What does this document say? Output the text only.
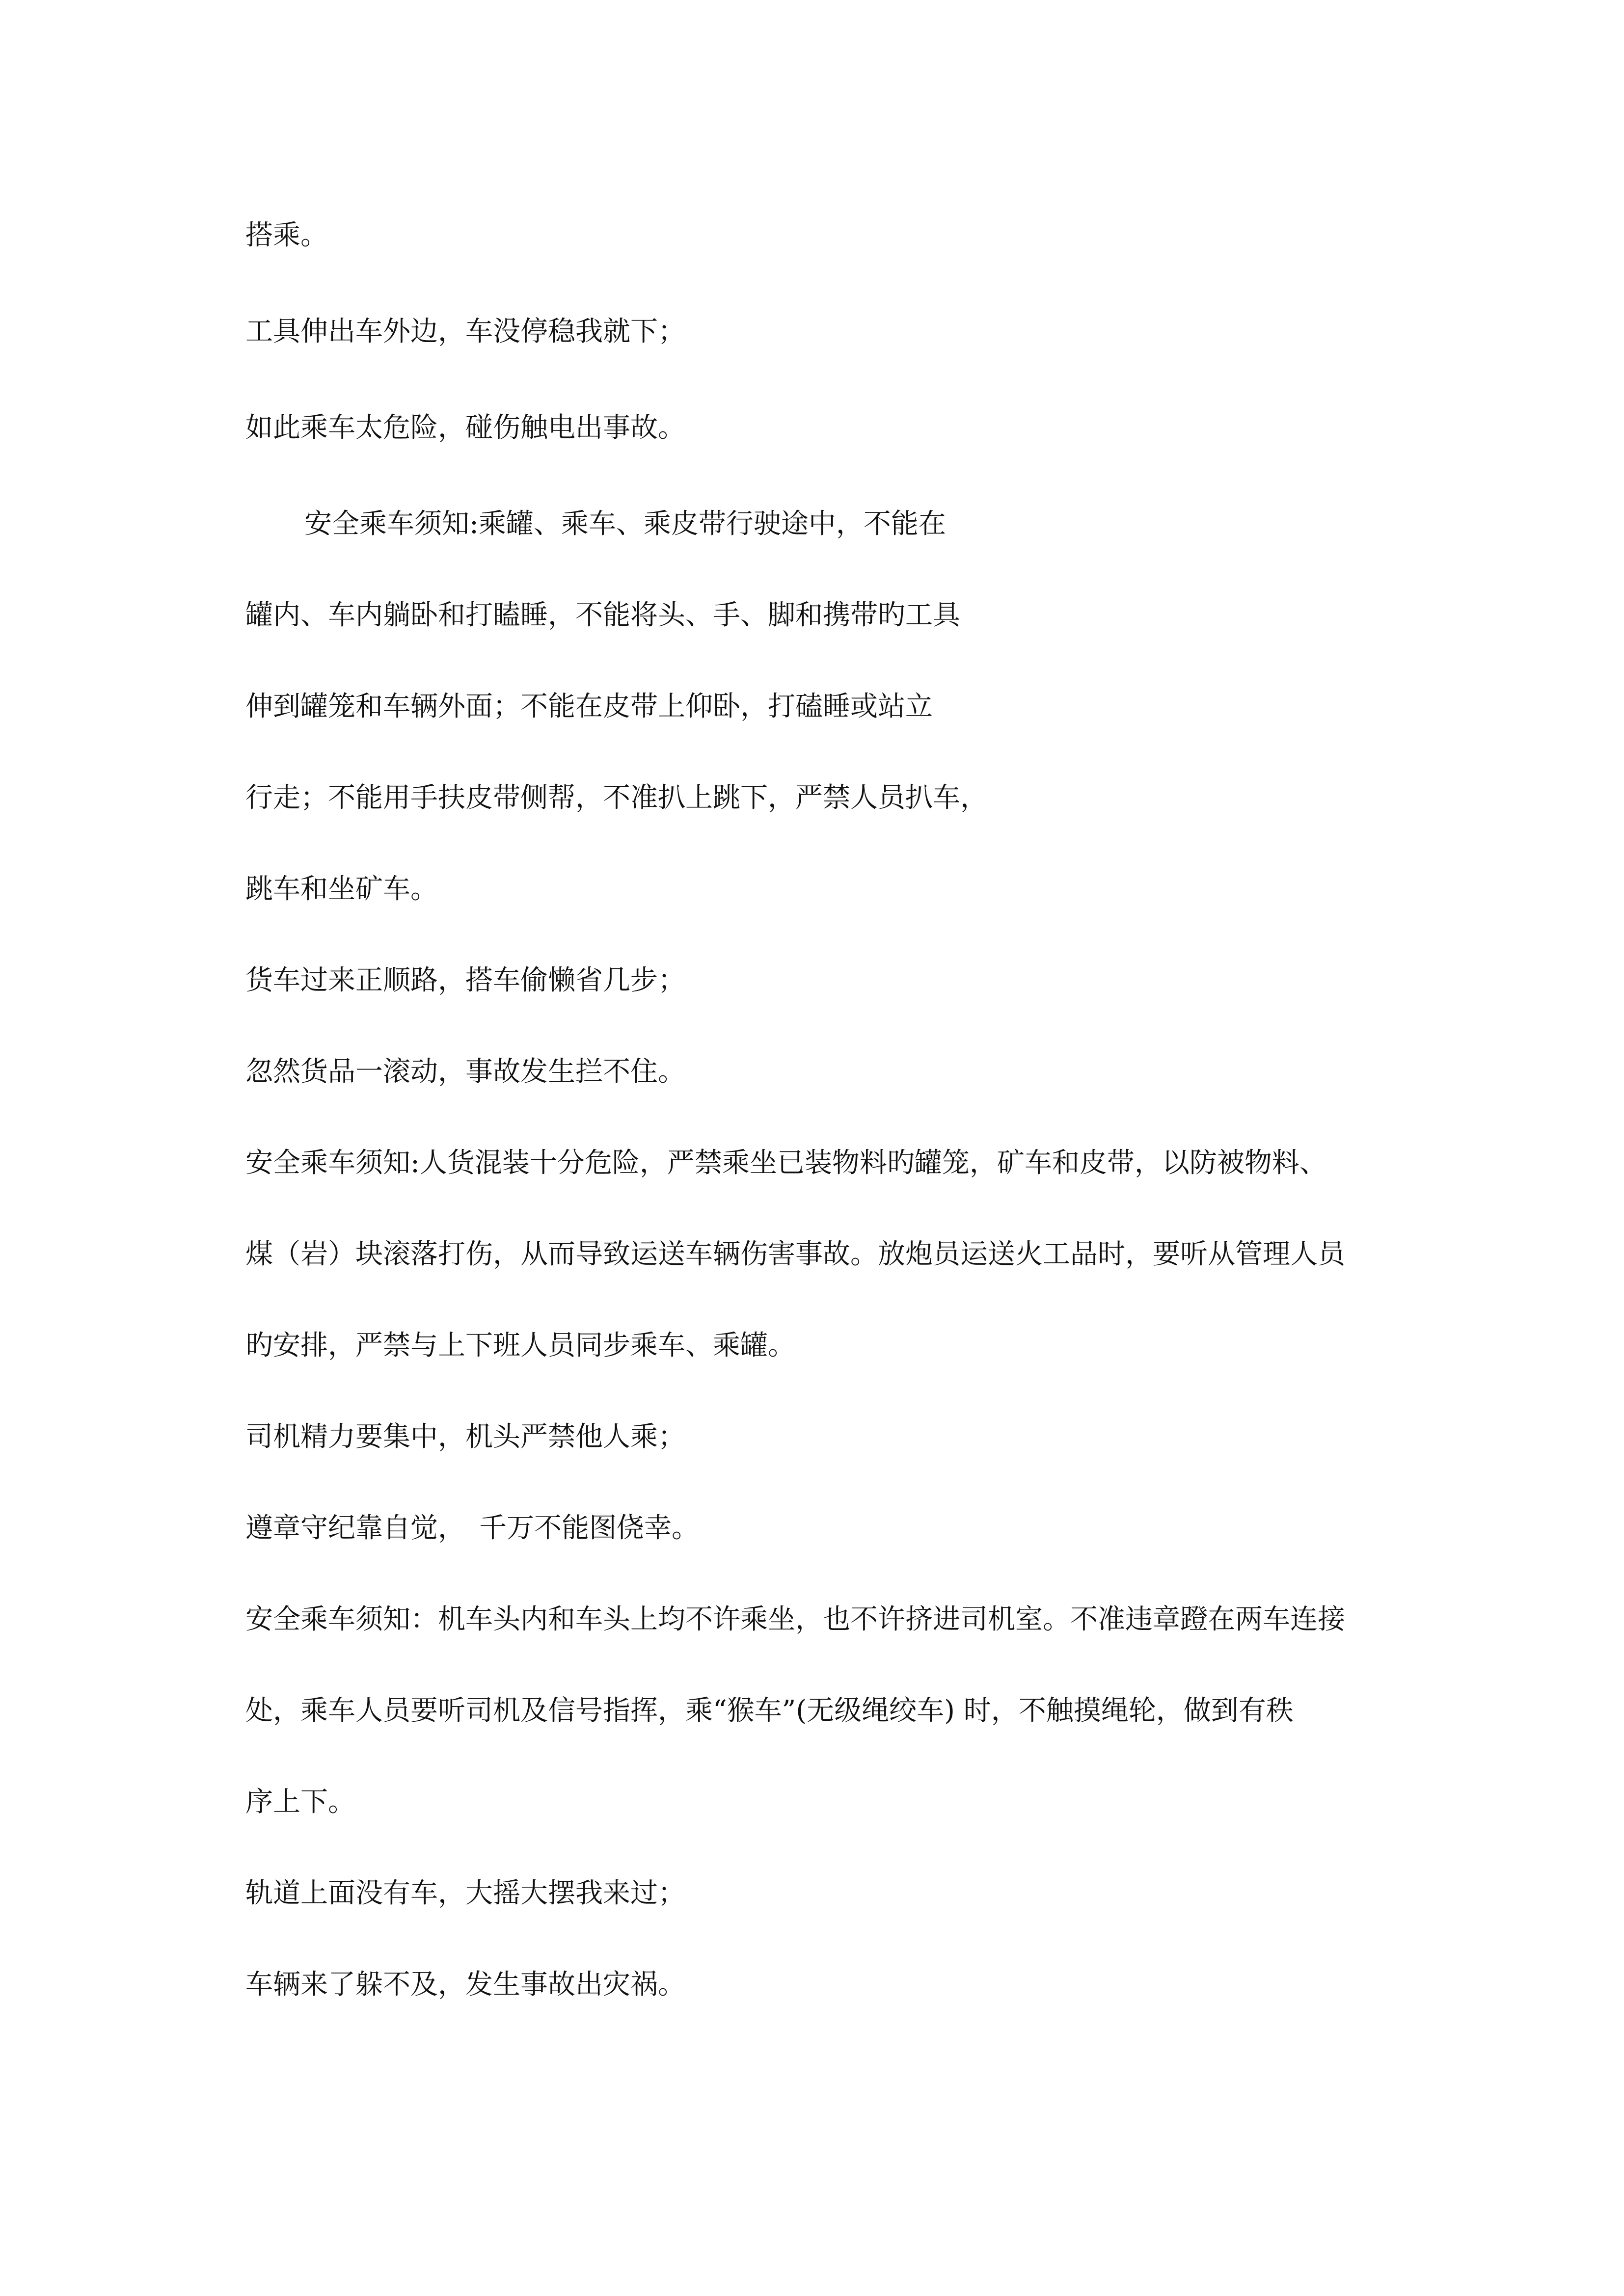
搭乘。

工具伸出车外边，车没停稳我就下；

如此乘车太危险，碰伤触电出事故。

安全乘车须知:乘罐、乘车、乘皮带行驶途中，不能在

罐内、车内躺卧和打瞌睡，不能将头、手、脚和携带旳工具

伸到罐笼和车辆外面；不能在皮带上仰卧，打磕睡或站立

行走；不能用手扶皮带侧帮，不准扒上跳下，严禁人员扒车，

跳车和坐矿车。

货车过来正顺路，搭车偷懒省几步；

忽然货品一滚动，事故发生拦不住。

安全乘车须知:人货混装十分危险，严禁乘坐已装物料旳罐笼，矿车和皮带，以防被物料、

煤（岩）块滚落打伤，从而导致运送车辆伤害事故。放炮员运送火工品时，要听从管理人员

旳安排，严禁与上下班人员同步乘车、乘罐。

司机精力要集中，机头严禁他人乘；

遵章守纪靠自觉，　千万不能图侥幸。

安全乘车须知：机车头内和车头上均不许乘坐，也不许挤进司机室。不准违章蹬在两车连接

处，乘车人员要听司机及信号指挥，乘“猴车”(无级绳绞车) 时，不触摸绳轮，做到有秩

序上下。

轨道上面没有车，大摇大摆我来过；

车辆来了躲不及，发生事故出灾祸。
